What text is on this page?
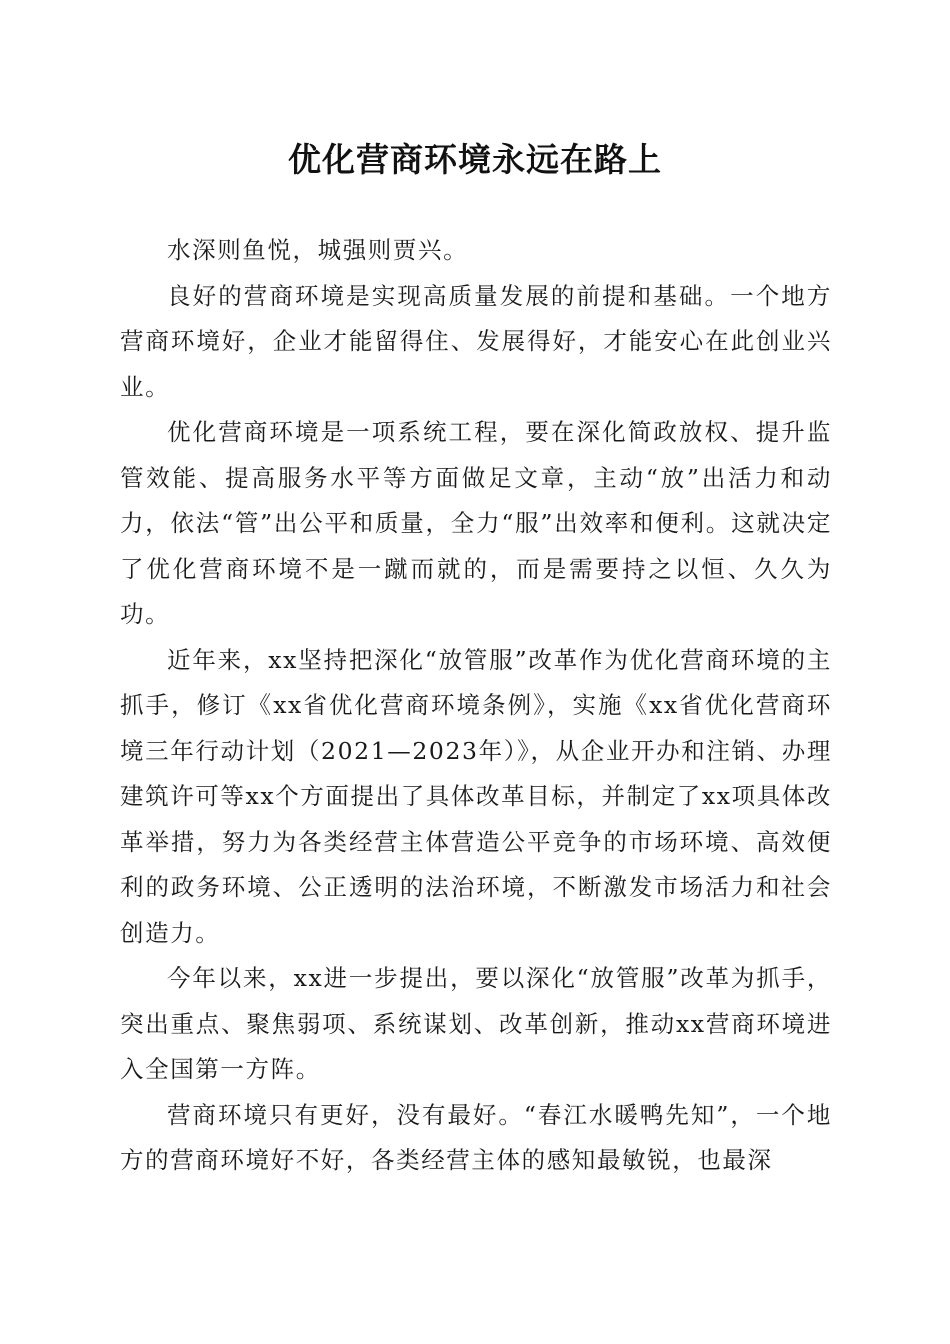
优化营商环境永远在路上

水深则鱼悦，城强则贾兴。

良好的营商环境是实现高质量发展的前提和基础。一个地方营商环境好，企业才能留得住、发展得好，才能安心在此创业兴业。

优化营商环境是一项系统工程，要在深化简政放权、提升监管效能、提高服务水平等方面做足文章，主动“放”出活力和动力，依法“管”出公平和质量，全力“服”出效率和便利。这就决定了优化营商环境不是一蹴而就的，而是需要持之以恒、久久为功。

近年来，xx坚持把深化“放管服”改革作为优化营商环境的主抓手，修订《xx省优化营商环境条例》，实施《xx省优化营商环境三年行动计划（2021—2023年）》，从企业开办和注销、办理建筑许可等xx个方面提出了具体改革目标，并制定了xx项具体改革举措，努力为各类经营主体营造公平竞争的市场环境、高效便利的政务环境、公正透明的法治环境，不断激发市场活力和社会创造力。

今年以来，xx进一步提出，要以深化“放管服”改革为抓手，突出重点、聚焦弱项、系统谋划、改革创新，推动xx营商环境进入全国第一方阵。

营商环境只有更好，没有最好。“春江水暖鸭先知”，一个地方的营商环境好不好，各类经营主体的感知最敏锐，也最深
